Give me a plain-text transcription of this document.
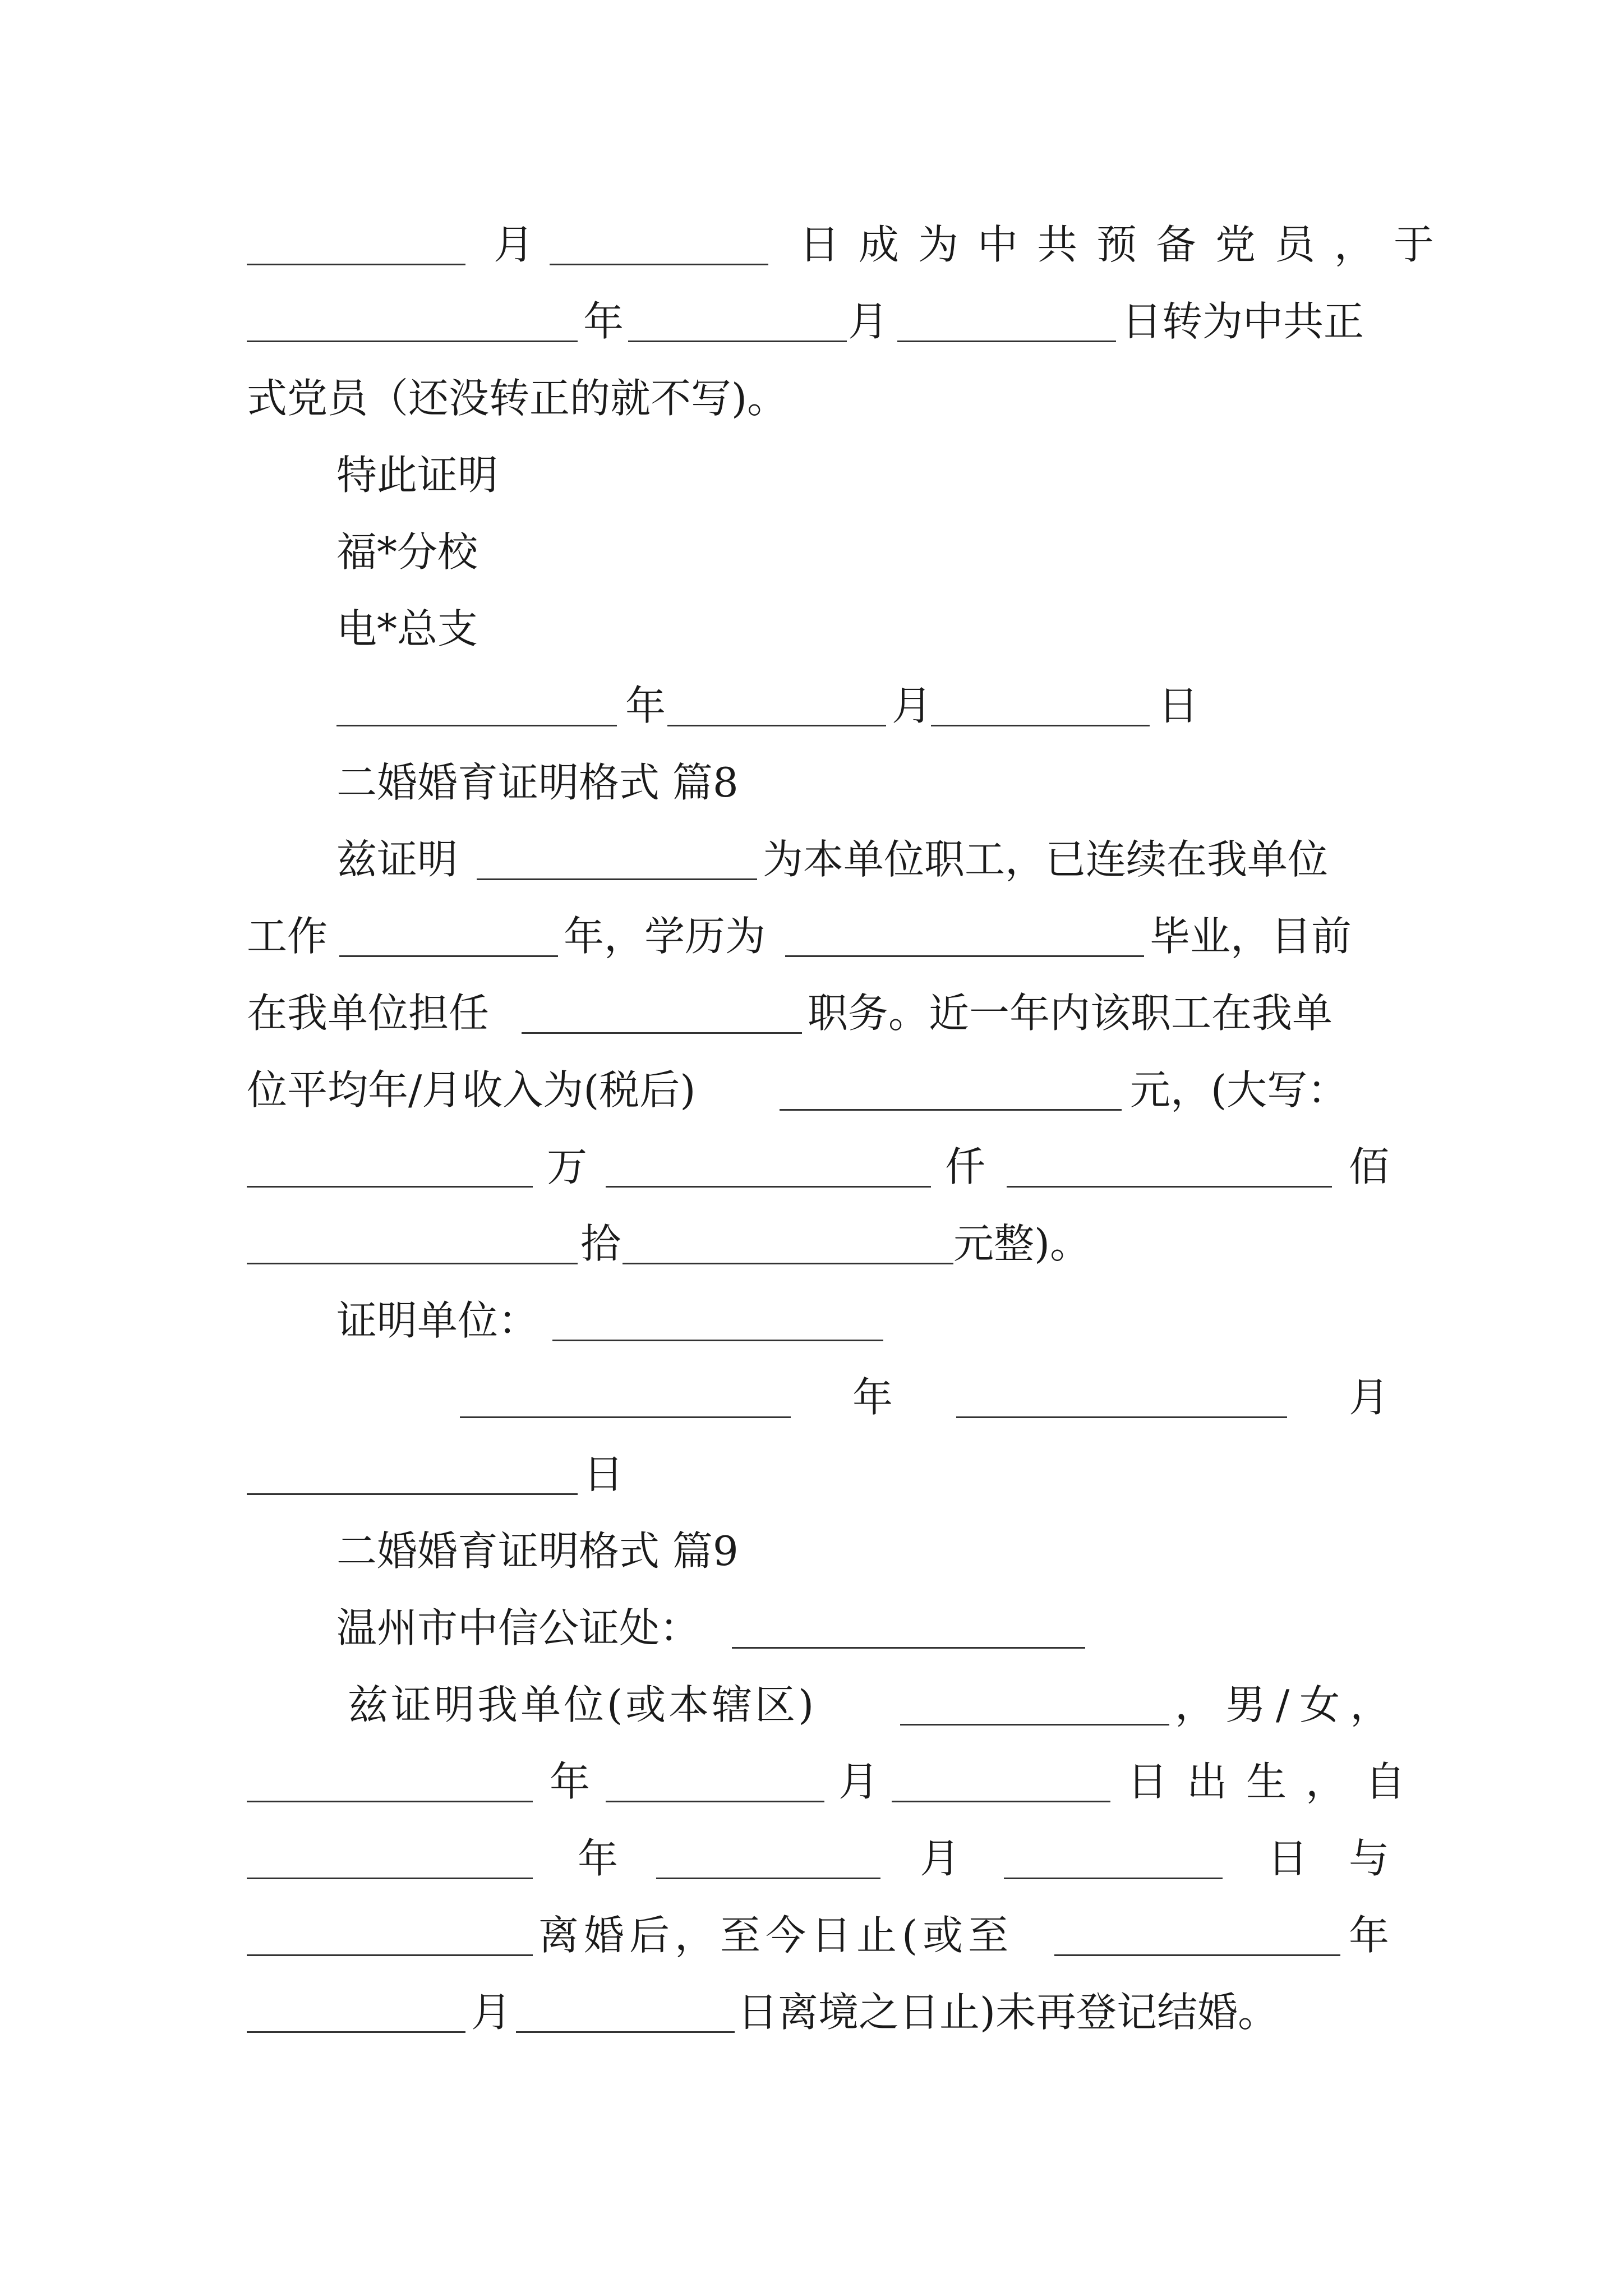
月	日成为中共预备党员，于
年	月	日转为中共正
式党员（还没转正的就不写)。
特此证明
福*分校
电*总支
年	月	日
二婚婚育证明格式 篇8
兹证明	为本单位职工，已连续在我单位
工作	年，学历为	毕业，目前
在我单位担任	职务。近一年内该职工在我单
位平均年/月收入为(税后)	元，(大写：
万	仟	佰
拾	元整)。
证明单位：
年	月
日
二婚婚育证明格式 篇9
温州市中信公证处：
兹证明我单位(或本辖区)	，男/女，
年	月	日出生，自
年	月	日 与
离婚后，至今日止(或至	年
月	日离境之日止)未再登记结婚。
